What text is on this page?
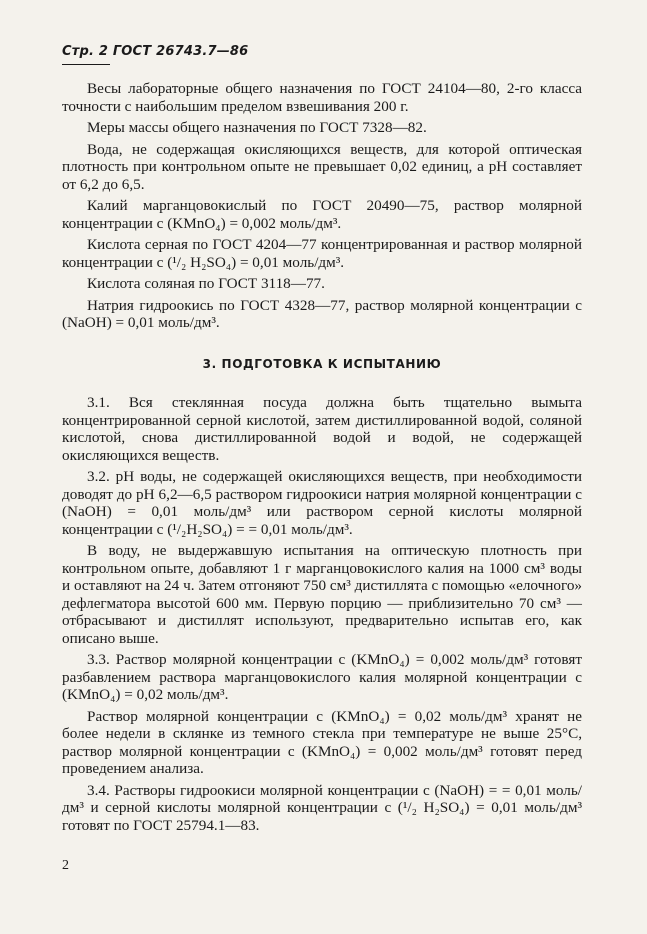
Стр. 2 ГОСТ 26743.7—86

Весы лабораторные общего назначения по ГОСТ 24104—80, 2-го класса точности с наибольшим пределом взвешивания 200 г.

Меры массы общего назначения по ГОСТ 7328—82.

Вода, не содержащая окисляющихся веществ, для которой оптическая плотность при контрольном опыте не превышает 0,02 единиц, а pH составляет от 6,2 до 6,5.

Калий марганцовокислый по ГОСТ 20490—75, раствор молярной концентрации c (KMnO₄) = 0,002 моль/дм³.

Кислота серная по ГОСТ 4204—77 концентрированная и раствор молярной концентрации c (¹/₂ H₂SO₄) = 0,01 моль/дм³.

Кислота соляная по ГОСТ 3118—77.

Натрия гидроокись по ГОСТ 4328—77, раствор молярной концентрации c (NaOH) = 0,01 моль/дм³.

3. ПОДГОТОВКА К ИСПЫТАНИЮ

3.1. Вся стеклянная посуда должна быть тщательно вымыта концентрированной серной кислотой, затем дистиллированной водой, соляной кислотой, снова дистиллированной водой и водой, не содержащей окисляющихся веществ.

3.2. pH воды, не содержащей окисляющихся веществ, при необходимости доводят до pH 6,2—6,5 раствором гидроокиси натрия молярной концентрации c (NaOH) = 0,01 моль/дм³ или раствором серной кислоты молярной концентрации c (¹/₂H₂SO₄) = = 0,01 моль/дм³.

В воду, не выдержавшую испытания на оптическую плотность при контрольном опыте, добавляют 1 г марганцовокислого калия на 1000 см³ воды и оставляют на 24 ч. Затем отгоняют 750 см³ дистиллята с помощью «елочного» дефлегматора высотой 600 мм. Первую порцию — приблизительно 70 см³ — отбрасывают и дистиллят используют, предварительно испытав его, как описано выше.

3.3. Раствор молярной концентрации c (KMnO₄) = 0,002 моль/дм³ готовят разбавлением раствора марганцовокислого калия молярной концентрации c (KMnO₄) = 0,02 моль/дм³.

Раствор молярной концентрации c (KMnO₄) = 0,02 моль/дм³ хранят не более недели в склянке из темного стекла при температуре не выше 25°С, раствор молярной концентрации c (KMnO₄) = 0,002 моль/дм³ готовят перед проведением анализа.

3.4. Растворы гидроокиси молярной концентрации c (NaOH) = = 0,01 моль/дм³ и серной кислоты молярной концентрации c (¹/₂ H₂SO₄) = 0,01 моль/дм³ готовят по ГОСТ 25794.1—83.

2
